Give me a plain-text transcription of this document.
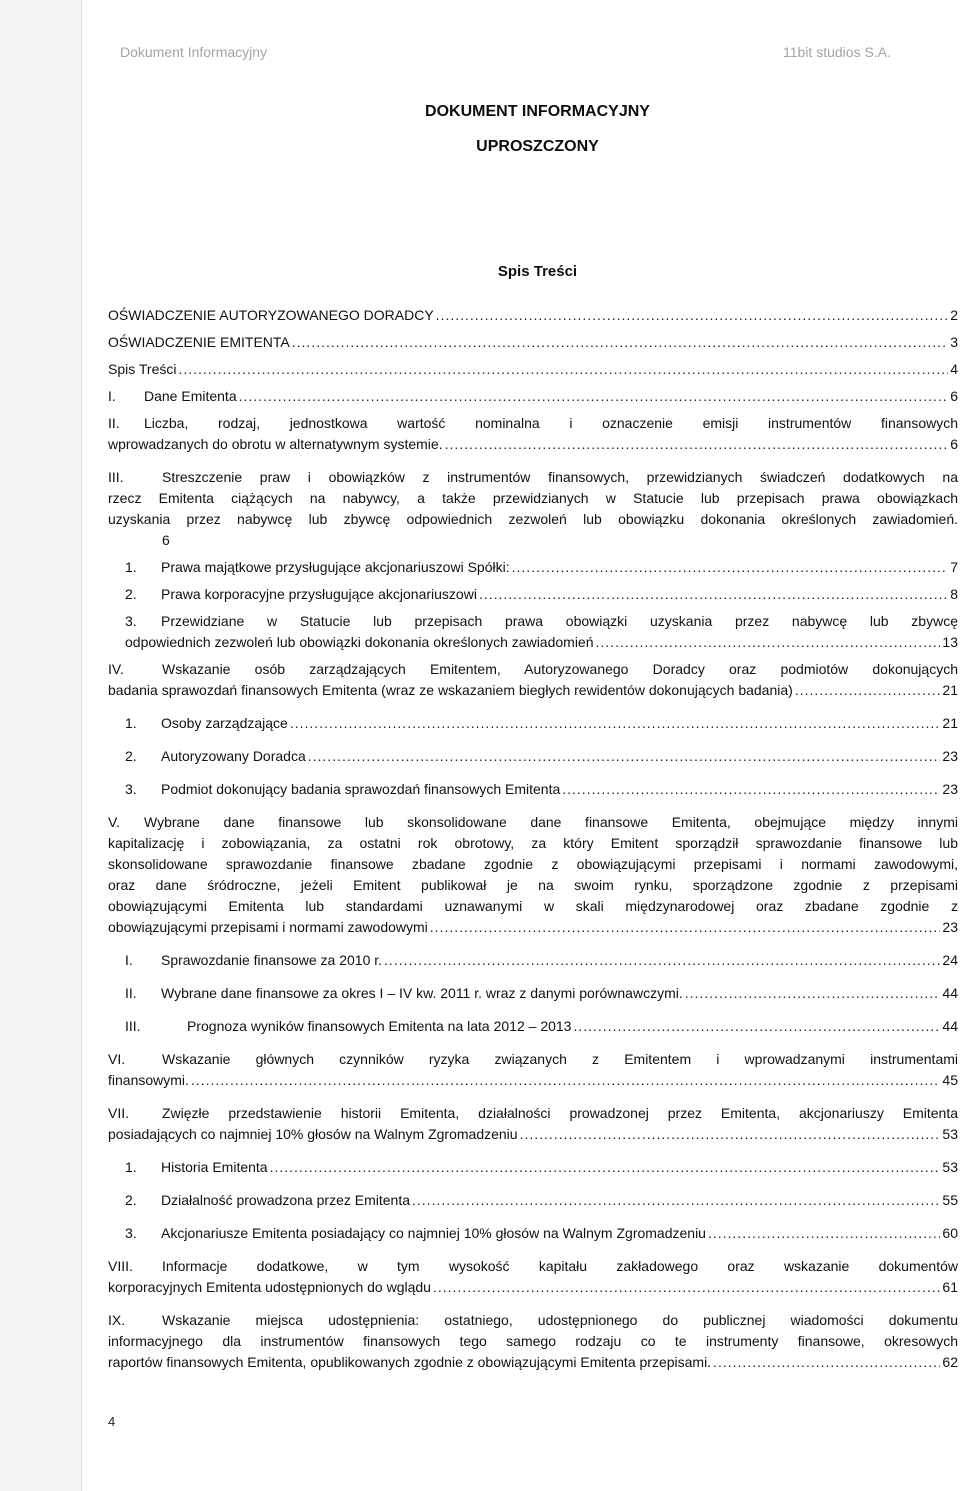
Dokument Informacyjny	11bit studios S.A.
DOKUMENT INFORMACYJNY
UPROSZCZONY
Spis Treści
OŚWIADCZENIE AUTORYZOWANEGO DORADCY .....	2
OŚWIADCZENIE EMITENTA .....	3
Spis Treści .....	4
I. Dane Emitenta .....	6
II. Liczba, rodzaj, jednostkowa wartość nominalna i oznaczenie emisji instrumentów finansowych
wprowadzanych do obrotu w alternatywnym systemie. .....	6
III.	Streszczenie praw i obowiązków z instrumentów finansowych, przewidzianych świadczeń dodatkowych na
rzecz Emitenta ciążących na nabywcy, a także przewidzianych w Statucie lub przepisach prawa obowiązkach
uzyskania przez nabywcę lub zbywcę odpowiednich zezwoleń lub obowiązku dokonania określonych zawiadomień.
6
1. Prawa majątkowe przysługujące akcjonariuszowi Spółki: .....	7
2. Prawa korporacyjne przysługujące akcjonariuszowi .....	8
3. Przewidziane w Statucie lub przepisach prawa obowiązki uzyskania przez nabywcę lub zbywcę
odpowiednich zezwoleń lub obowiązki dokonania określonych zawiadomień .....	13
IV.	Wskazanie osób zarządzających Emitentem, Autoryzowanego Doradcy oraz podmiotów dokonujących
badania sprawozdań finansowych Emitenta (wraz ze wskazaniem biegłych rewidentów dokonujących badania) .....	21
1. Osoby zarządzające .....	21
2. Autoryzowany Doradca .....	23
3. Podmiot dokonujący badania sprawozdań finansowych Emitenta .....	23
V. Wybrane dane finansowe lub skonsolidowane dane finansowe Emitenta, obejmujące między innymi
kapitalizację i zobowiązania, za ostatni rok obrotowy, za który Emitent sporządził sprawozdanie finansowe lub
skonsolidowane sprawozdanie finansowe zbadane zgodnie z obowiązującymi przepisami i normami zawodowymi,
oraz dane śródroczne, jeżeli Emitent publikował je na swoim rynku, sporządzone zgodnie z przepisami
obowiązującymi Emitenta lub standardami uznawanymi w skali międzynarodowej oraz zbadane zgodnie z
obowiązującymi przepisami i normami zawodowymi .....	23
I. Sprawozdanie finansowe za 2010 r. .....	24
II. Wybrane dane finansowe za okres I – IV kw. 2011 r. wraz z danymi porównawczymi. .....	44
III.	Prognoza wyników finansowych Emitenta na lata 2012 – 2013 .....	44
VI.	Wskazanie głównych czynników ryzyka związanych z Emitentem i wprowadzanymi instrumentami
finansowymi. .....	45
VII. Zwięzłe przedstawienie historii Emitenta, działalności prowadzonej przez Emitenta, akcjonariuszy Emitenta
posiadających co najmniej 10% głosów na Walnym Zgromadzeniu .....	53
1. Historia Emitenta .....	53
2. Działalność prowadzona przez Emitenta .....	55
3. Akcjonariusze Emitenta posiadający co najmniej 10% głosów na Walnym Zgromadzeniu .....	60
VIII. Informacje dodatkowe, w tym wysokość kapitału zakładowego oraz wskazanie dokumentów
korporacyjnych Emitenta udostępnionych do wglądu .....	61
IX.	Wskazanie miejsca udostępnienia: ostatniego, udostępnionego do publicznej wiadomości dokumentu
informacyjnego dla instrumentów finansowych tego samego rodzaju co te instrumenty finansowe, okresowych
raportów finansowych Emitenta, opublikowanych zgodnie z obowiązującymi Emitenta przepisami. .....	62
4
